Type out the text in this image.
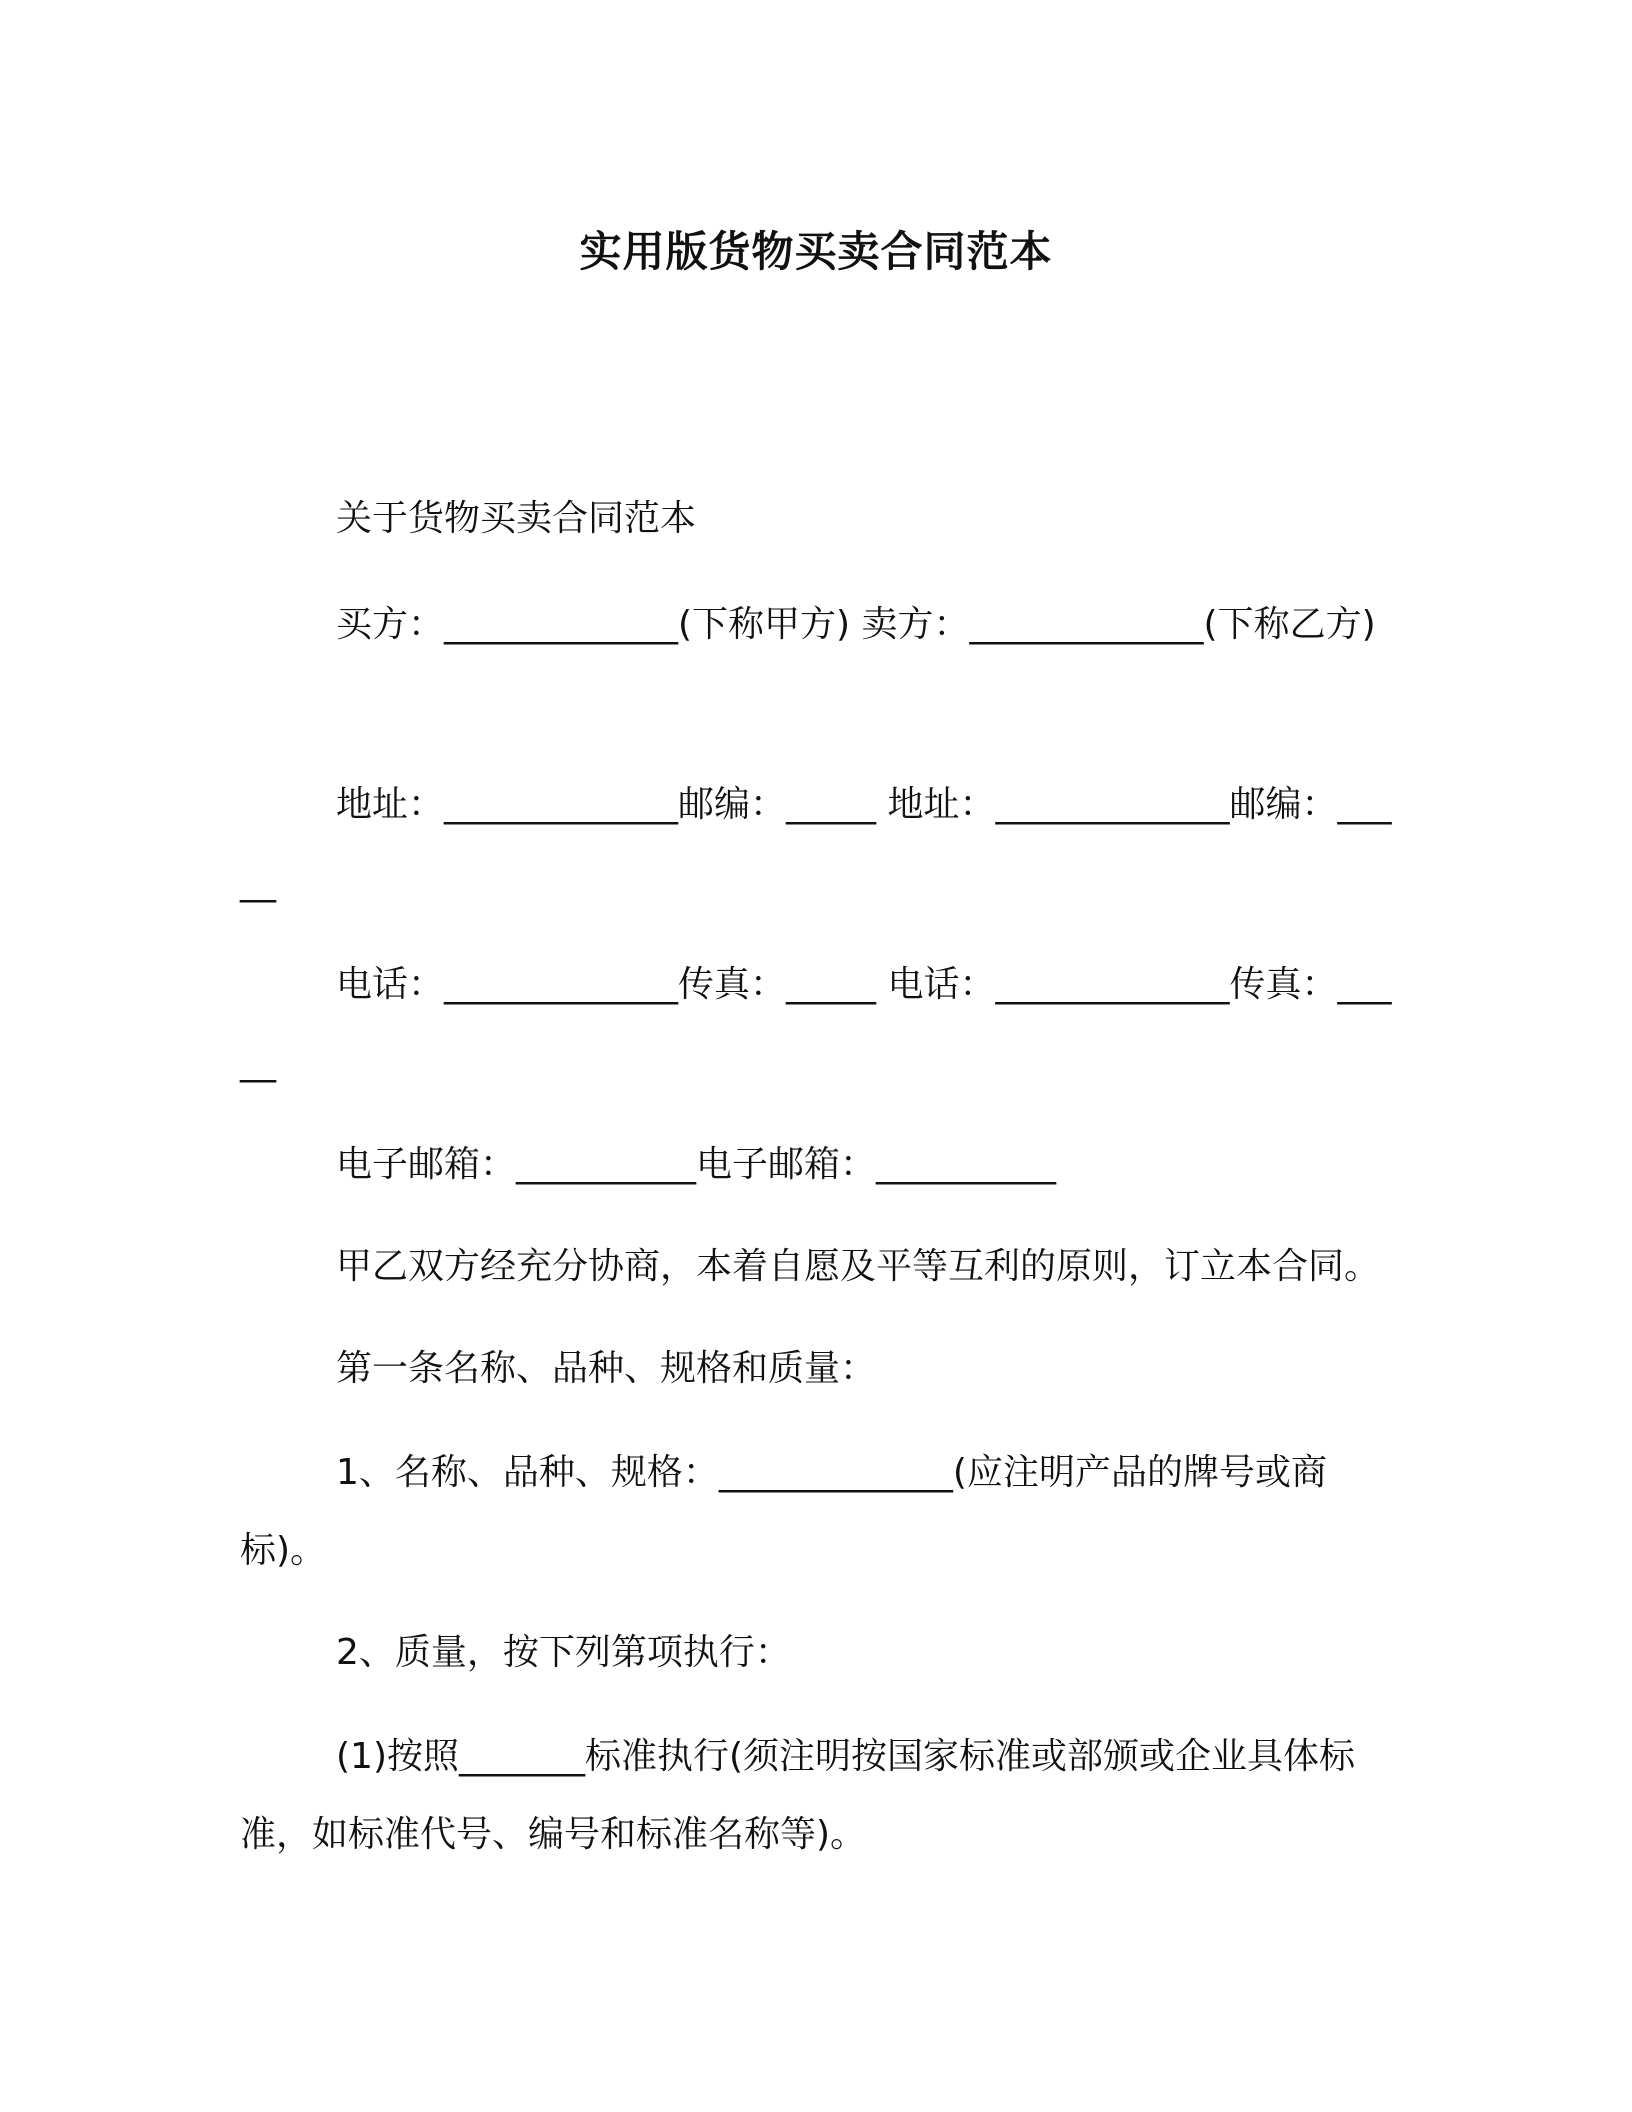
实用版货物买卖合同范本

关于货物买卖合同范本

买方：_____________(下称甲方) 卖方：_____________(下称乙方)

地址：_____________邮编：_____ 地址：_____________邮编：_____

电话：_____________传真：_____ 电话：_____________传真：_____

电子邮箱：__________电子邮箱：__________

甲乙双方经充分协商，本着自愿及平等互利的原则，订立本合同。

第一条名称、品种、规格和质量：

1、名称、品种、规格：_____________(应注明产品的牌号或商标)。

2、质量，按下列第项执行：

(1)按照_______标准执行(须注明按国家标准或部颁或企业具体标准，如标准代号、编号和标准名称等)。
